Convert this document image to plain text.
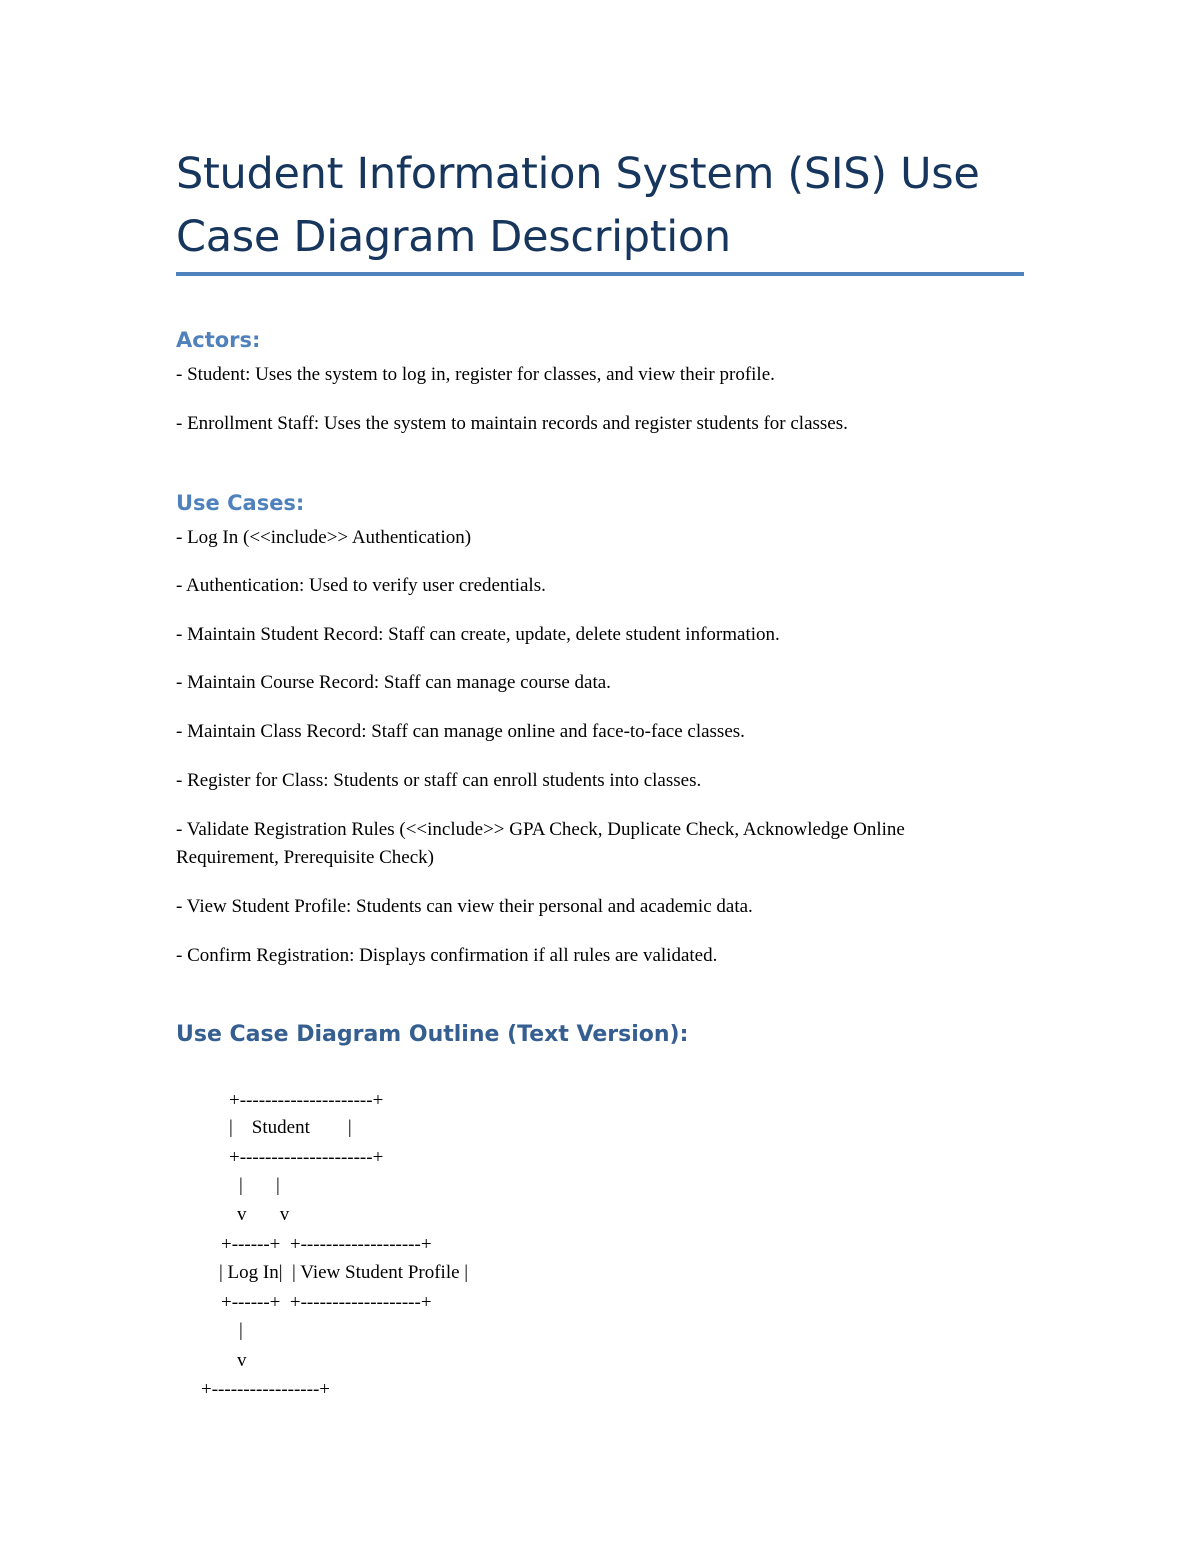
Student Information System (SIS) Use Case Diagram Description
Actors:

- Student: Uses the system to log in, register for classes, and view their profile.

- Enrollment Staff: Uses the system to maintain records and register students for classes.

Use Cases:

- Log In (<<include>> Authentication)

- Authentication: Used to verify user credentials.

- Maintain Student Record: Staff can create, update, delete student information.

- Maintain Course Record: Staff can manage course data.

- Maintain Class Record: Staff can manage online and face-to-face classes.

- Register for Class: Students or staff can enroll students into classes.

- Validate Registration Rules (<<include>> GPA Check, Duplicate Check, Acknowledge Online Requirement, Prerequisite Check)

- View Student Profile: Students can view their personal and academic data.

- Confirm Registration: Displays confirmation if all rules are validated.

Use Case Diagram Outline (Text Version):

+---------------------+

|    Student        |

+---------------------+

|       |

v       v

+------+  +-------------------+

| Log In|  | View Student Profile |

+------+  +-------------------+

|

v

+-----------------+
